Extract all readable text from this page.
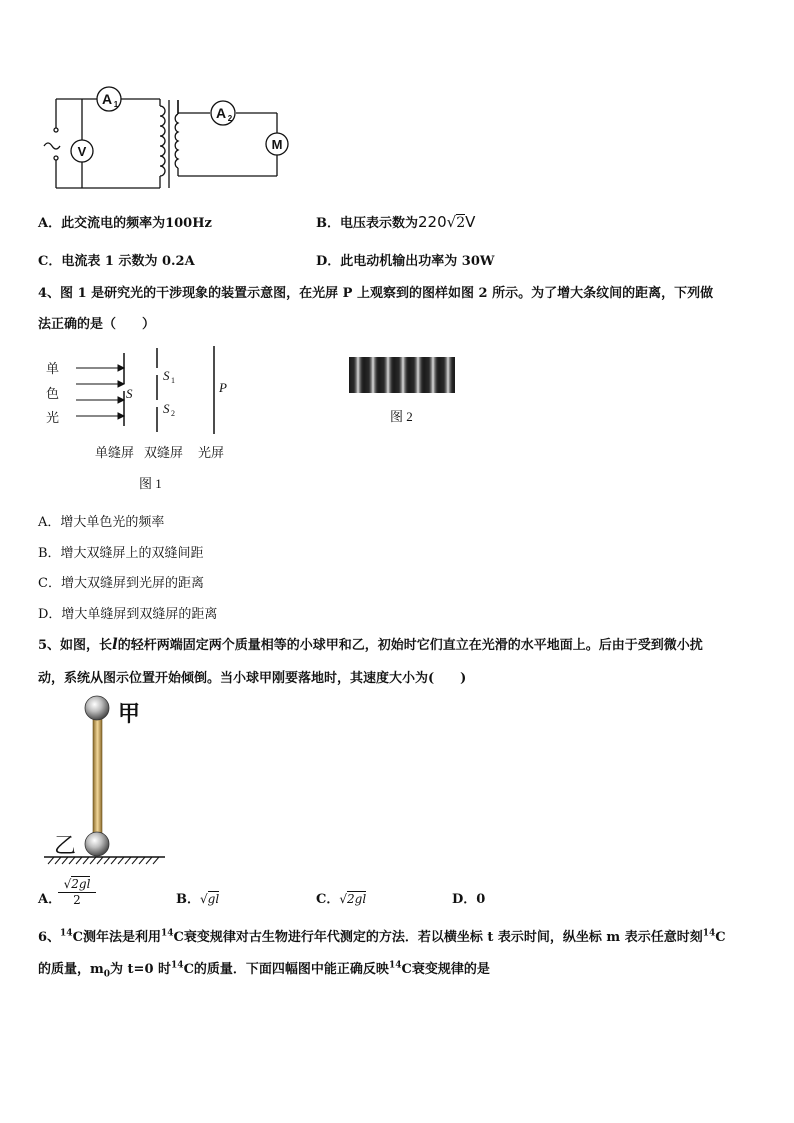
A 1
V
A 2
M
A．此交流电的频率为100Hz	B．电压表示数为220√2V
C．电流表 1 示数为 0.2A	D．此电动机输出功率为 30W
4、图 1 是研究光的干涉现象的装置示意图，在光屏 P 上观察到的图样如图 2 所示。为了增大条纹间的距离，下列做
法正确的是（　　）
单
色
光
S
S 1
S 2
P
单缝屏 双缝屏 光屏
图 1
图 2
A．增大单色光的频率
B．增大双缝屏上的双缝间距
C．增大双缝屏到光屏的距离
D．增大单缝屏到双缝屏的距离
5、如图，长l的轻杆两端固定两个质量相等的小球甲和乙，初始时它们直立在光滑的水平地面上。后由于受到微小扰
动，系统从图示位置开始倾倒。当小球甲刚要落地时，其速度大小为(　　)
甲
乙
A．
√2gl
2	B．√gl	C．√2gl	D．0
6、$^{14}$C测年法是利用$^{14}$C衰变规律对古生物进行年代测定的方法．若以横坐标 t 表示时间，纵坐标 m 表示任意时刻$^{14}$C
的质量，$m_0$为 t=0 时$^{14}$C的质量．下面四幅图中能正确反映$^{14}$C衰变规律的是
